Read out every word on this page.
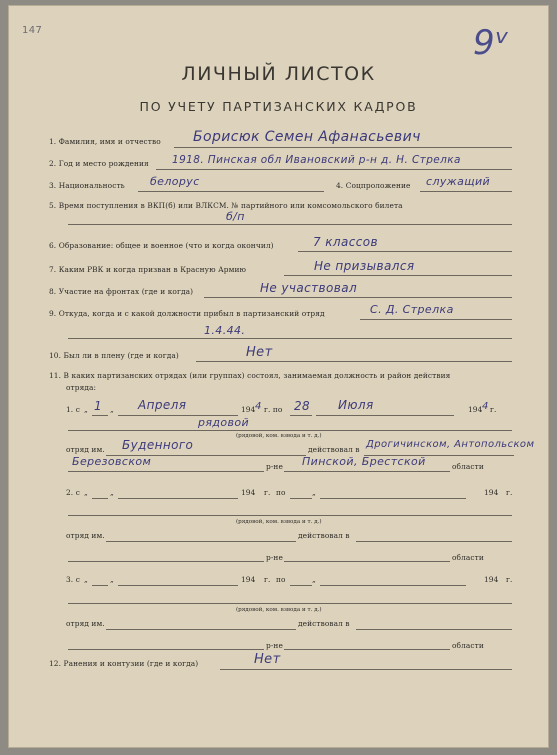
147	9ᵛ
ЛИЧНЫЙ ЛИСТОК
ПО УЧЕТУ ПАРТИЗАНСКИХ КАДРОВ
1. Фамилия, имя и отчество Борисюк Семен Афанасьевич
2. Год и место рождения 1918. Пинская обл Ивановский р-н д. Н. Стрелка
3. Национальность белорус	4. Соцпроложение служащий
5. Время поступления в ВКП(б) или ВЛКСМ. № партийного или комсомольского билета
б/п
6. Образование: общее и военное (что и когда окончил)	7 классов
7. Каким РВК и когда призван в Красную Армию	Не призывался
8. Участие на фронтах (где и когда)	Не участвовал
9. Откуда, когда и с какой должности прибыл в партизанский отряд	С. Д. Стрелка
1.4.44.
10. Был ли в плену (где и когда)	Нет
11. В каких партизанских отрядах (или группах) состоял, занимаемая должность и район действия
отряда:
1. с „ 1 „ Апреля	194 4 г. по 28 Июля	194 4 г.
рядовой
(рядовой, ком. взвода и т. д.)
отряд им. Буденного	действовал в Дрогичинском, Антопольском
Березовском	р-не Пинской, Брестской	области
2. с „	„	194 г. по	„	194 г.
(рядовой, ком. взвода и т. д.)
отряд им.	действовал в
р-не	области
3. с „	„	194 г. по	„	194 г.
(рядовой, ком. взвода и т. д.)
отряд им.	действовал в
р-не	области
12. Ранения и контузии (где и когда)	Нет
